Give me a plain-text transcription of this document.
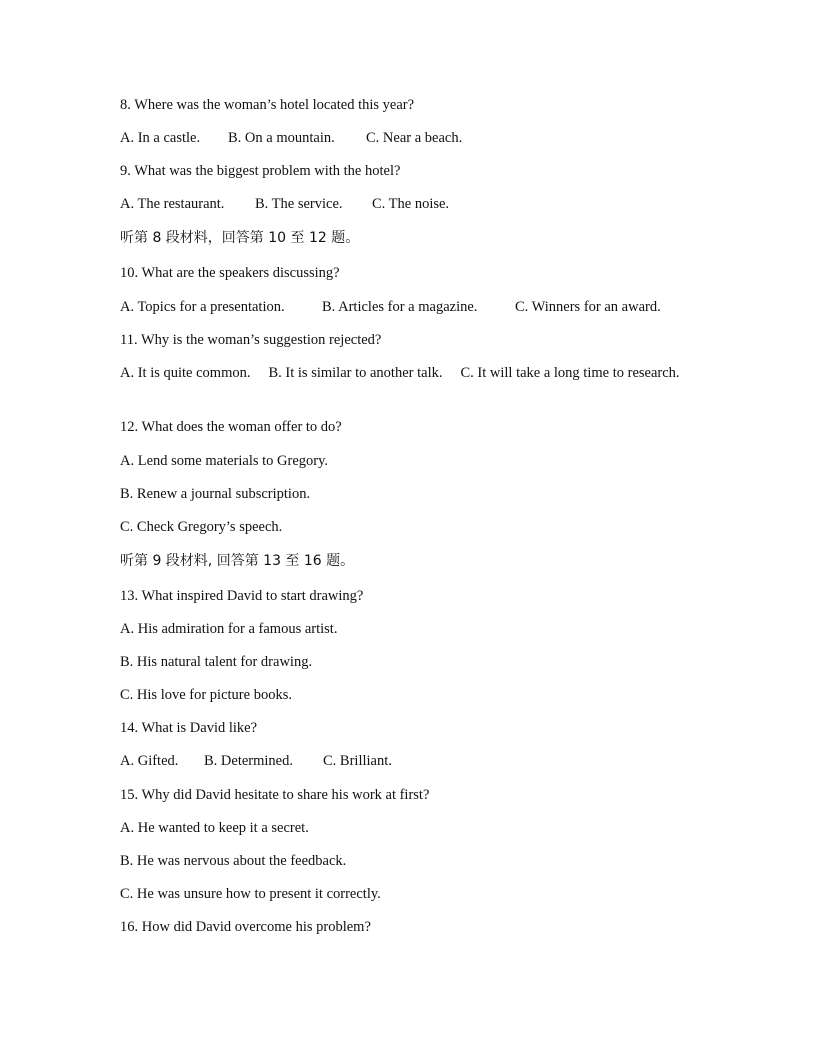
8. Where was the woman’s hotel located this year?
A. In a castle. B. On a mountain. C. Near a beach.
9. What was the biggest problem with the hotel?
A. The restaurant. B. The service. C. The noise.
听第 8 段材料，回答第 10 至 12 题。
10. What are the speakers discussing?
A. Topics for a presentation.	B. Articles for a magazine.	C. Winners for an award.
11. Why is the woman’s suggestion rejected?
A. It is quite common. B. It is similar to another talk. C. It will take a long time to research.
12. What does the woman offer to do?
A. Lend some materials to Gregory.
B. Renew a journal subscription.
C. Check Gregory’s speech.
听第 9 段材料, 回答第 13 至 16 题。
13. What inspired David to start drawing?
A. His admiration for a famous artist.
B. His natural talent for drawing.
C. His love for picture books.
14. What is David like?
A. Gifted. B. Determined. C. Brilliant.
15. Why did David hesitate to share his work at first?
A. He wanted to keep it a secret.
B. He was nervous about the feedback.
C. He was unsure how to present it correctly.
16. How did David overcome his problem?
